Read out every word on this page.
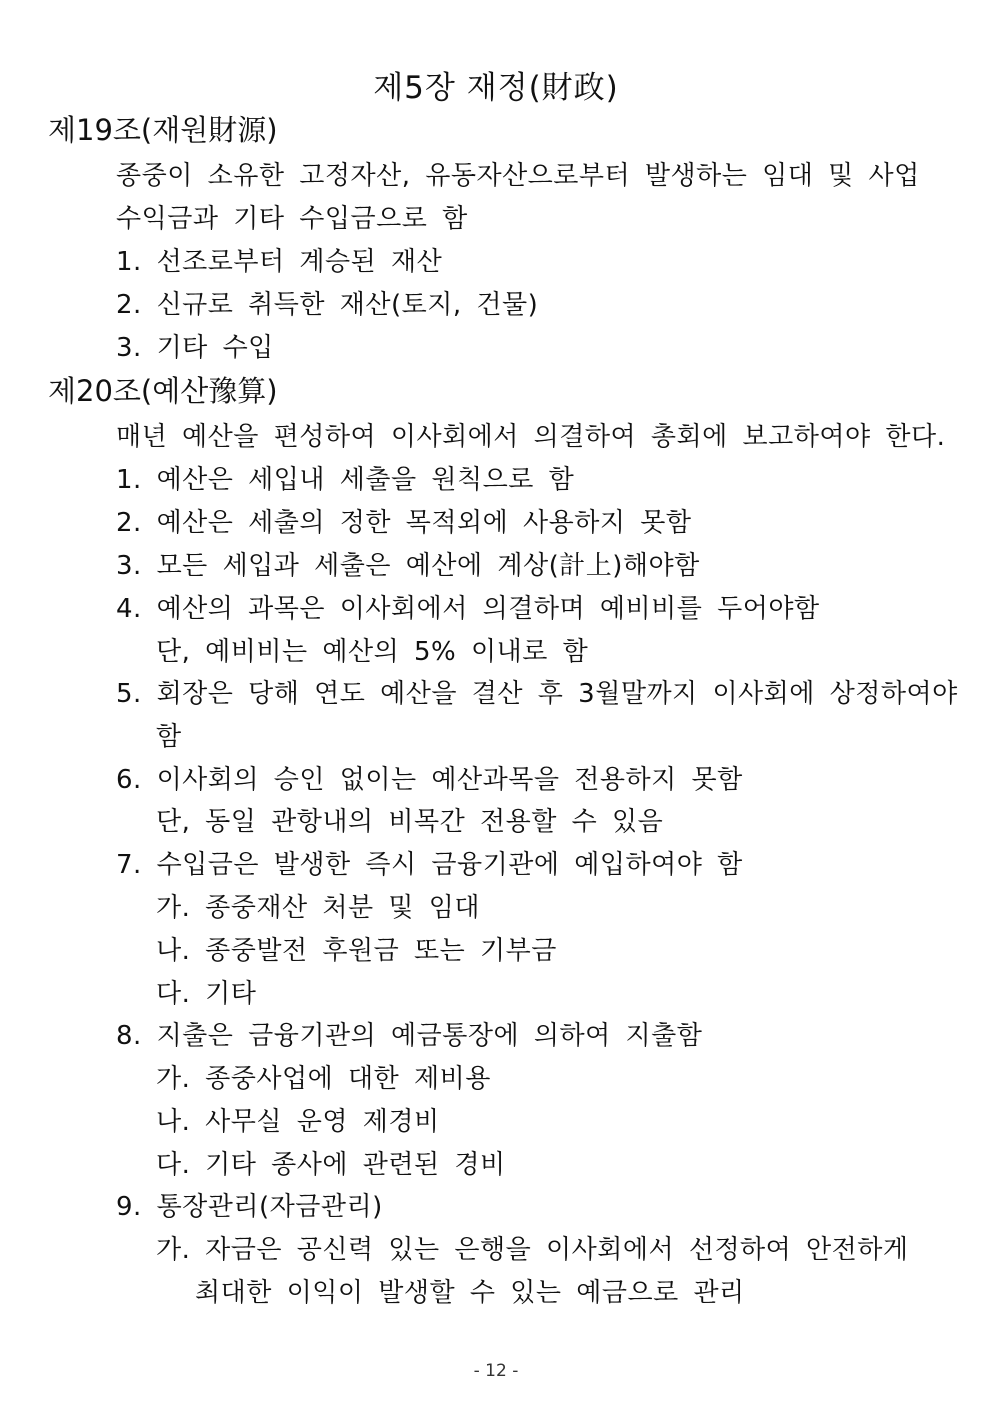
제5장 재정(財政)
제19조(재원財源)
종중이 소유한 고정자산, 유동자산으로부터 발생하는 임대 및 사업
수익금과 기타 수입금으로 함
1. 선조로부터 계승된 재산
2. 신규로 취득한 재산(토지, 건물)
3. 기타 수입
제20조(예산豫算)
매년 예산을 편성하여 이사회에서 의결하여 총회에 보고하여야 한다.
1. 예산은 세입내 세출을 원칙으로 함
2. 예산은 세출의 정한 목적외에 사용하지 못함
3. 모든 세입과 세출은 예산에 계상(計上)해야함
4. 예산의 과목은 이사회에서 의결하며 예비비를 두어야함
단, 예비비는 예산의 5% 이내로 함
5. 회장은 당해 연도 예산을 결산 후 3월말까지 이사회에 상정하여야
함
6. 이사회의 승인 없이는 예산과목을 전용하지 못함
단, 동일 관항내의 비목간 전용할 수 있음
7. 수입금은 발생한 즉시 금융기관에 예입하여야 함
가. 종중재산 처분 및 임대
나. 종중발전 후원금 또는 기부금
다. 기타
8. 지출은 금융기관의 예금통장에 의하여 지출함
가. 종중사업에 대한 제비용
나. 사무실 운영 제경비
다. 기타 종사에 관련된 경비
9. 통장관리(자금관리)
가. 자금은 공신력 있는 은행을 이사회에서 선정하여 안전하게
최대한 이익이 발생할 수 있는 예금으로 관리
- 12 -
